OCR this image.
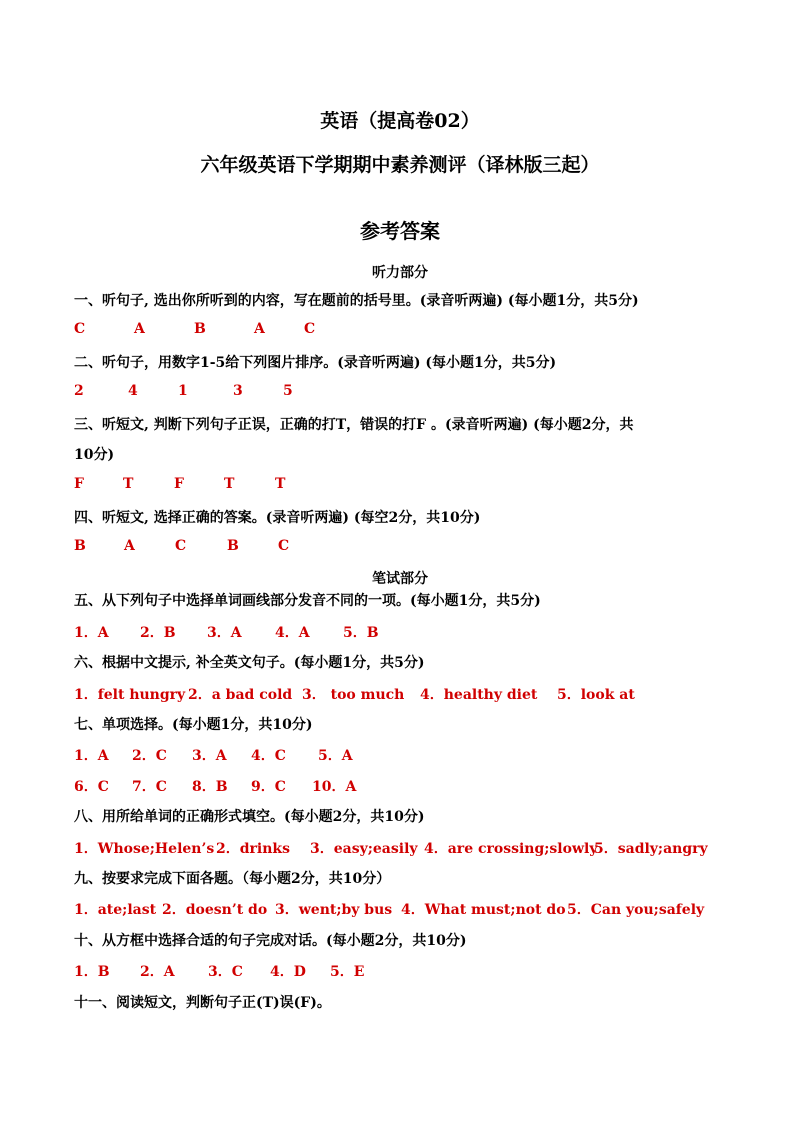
英语（提高卷02）
六年级英语下学期期中素养测评（译林版三起）
参考答案
听力部分
一、听句子, 选出你所听到的内容，写在题前的括号里。(录音听两遍) (每小题1分，共5分)
C	A	B	A	C
二、听句子，用数字1-5给下列图片排序。(录音听两遍) (每小题1分，共5分)
2	4	1	3	5
三、听短文, 判断下列句子正误，正确的打T，错误的打F 。(录音听两遍) (每小题2分，共
10分)
F	T	F	T	T
四、听短文, 选择正确的答案。(录音听两遍) (每空2分，共10分)
B	A	C	B	C
笔试部分
五、从下列句子中选择单词画线部分发音不同的一项。(每小题1分，共5分)
1．A 2．B 3．A 4．A 5．B
六、根据中文提示, 补全英文句子。(每小题1分，共5分)
1．felt hungry 2．a bad cold 3． too much 4．healthy diet 5．look at
七、单项选择。(每小题1分，共10分)
1．A 2．C 3．A 4．C 5．A
6．C 7．C 8．B 9．C 10．A
八、用所给单词的正确形式填空。(每小题2分，共10分)
1．Whose;Helen’s 2．drinks 3．easy;easily 4．are crossing;slowly
5．sadly;angry
九、按要求完成下面各题。（每小题2分，共10分）
1．ate;last 2．doesn’t do 3．went;by bus 4．What must;not do 5．Can you;safely
十、从方框中选择合适的句子完成对话。(每小题2分，共10分)
1．B 2．A 3．C 4．D 5．E
十一、阅读短文，判断句子正(T)误(F)。
